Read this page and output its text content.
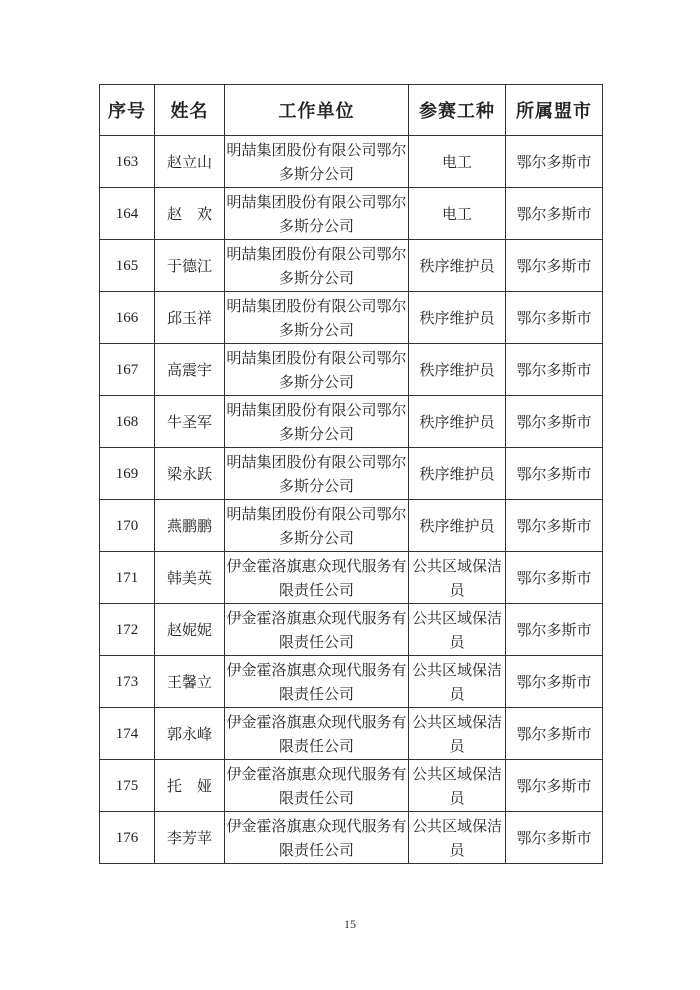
序号	姓名	工作单位	参赛工种	所属盟市
163	赵立山	明喆集团股份有限公司鄂尔多斯分公司	电工	鄂尔多斯市
164	赵　欢	明喆集团股份有限公司鄂尔多斯分公司	电工	鄂尔多斯市
165	于德江	明喆集团股份有限公司鄂尔多斯分公司	秩序维护员	鄂尔多斯市
166	邱玉祥	明喆集团股份有限公司鄂尔多斯分公司	秩序维护员	鄂尔多斯市
167	高震宇	明喆集团股份有限公司鄂尔多斯分公司	秩序维护员	鄂尔多斯市
168	牛圣军	明喆集团股份有限公司鄂尔多斯分公司	秩序维护员	鄂尔多斯市
169	梁永跃	明喆集团股份有限公司鄂尔多斯分公司	秩序维护员	鄂尔多斯市
170	燕鹏鹏	明喆集团股份有限公司鄂尔多斯分公司	秩序维护员	鄂尔多斯市
171	韩美英	伊金霍洛旗惠众现代服务有限责任公司	公共区域保洁员	鄂尔多斯市
172	赵妮妮	伊金霍洛旗惠众现代服务有限责任公司	公共区域保洁员	鄂尔多斯市
173	王馨立	伊金霍洛旗惠众现代服务有限责任公司	公共区域保洁员	鄂尔多斯市
174	郭永峰	伊金霍洛旗惠众现代服务有限责任公司	公共区域保洁员	鄂尔多斯市
175	托　娅	伊金霍洛旗惠众现代服务有限责任公司	公共区域保洁员	鄂尔多斯市
176	李芳苹	伊金霍洛旗惠众现代服务有限责任公司	公共区域保洁员	鄂尔多斯市
15
